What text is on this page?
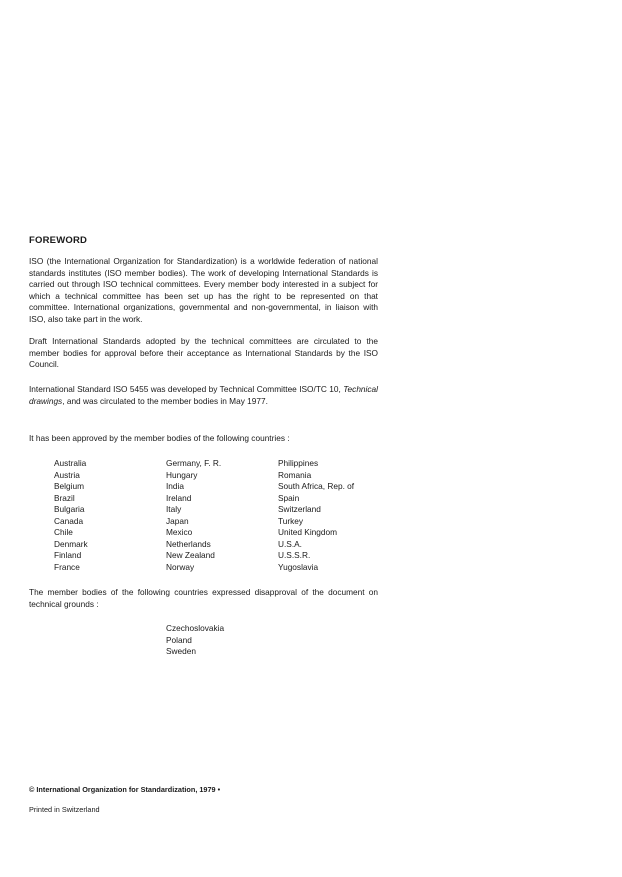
FOREWORD

ISO (the International Organization for Standardization) is a worldwide federation of national standards institutes (ISO member bodies). The work of developing International Standards is carried out through ISO technical committees. Every member body interested in a subject for which a technical committee has been set up has the right to be represented on that committee. International organizations, governmental and non-governmental, in liaison with ISO, also take part in the work.

Draft International Standards adopted by the technical committees are circulated to the member bodies for approval before their acceptance as International Standards by the ISO Council.

International Standard ISO 5455 was developed by Technical Committee ISO/TC 10, Technical drawings, and was circulated to the member bodies in May 1977.

It has been approved by the member bodies of the following countries :

Australia
Austria
Belgium
Brazil
Bulgaria
Canada
Chile
Denmark
Finland
France
Germany, F. R.
Hungary
India
Ireland
Italy
Japan
Mexico
Netherlands
New Zealand
Norway
Philippines
Romania
South Africa, Rep. of
Spain
Switzerland
Turkey
United Kingdom
U.S.A.
U.S.S.R.
Yugoslavia

The member bodies of the following countries expressed disapproval of the document on technical grounds :

Czechoslovakia
Poland
Sweden
© International Organization for Standardization, 1979 •
Printed in Switzerland
